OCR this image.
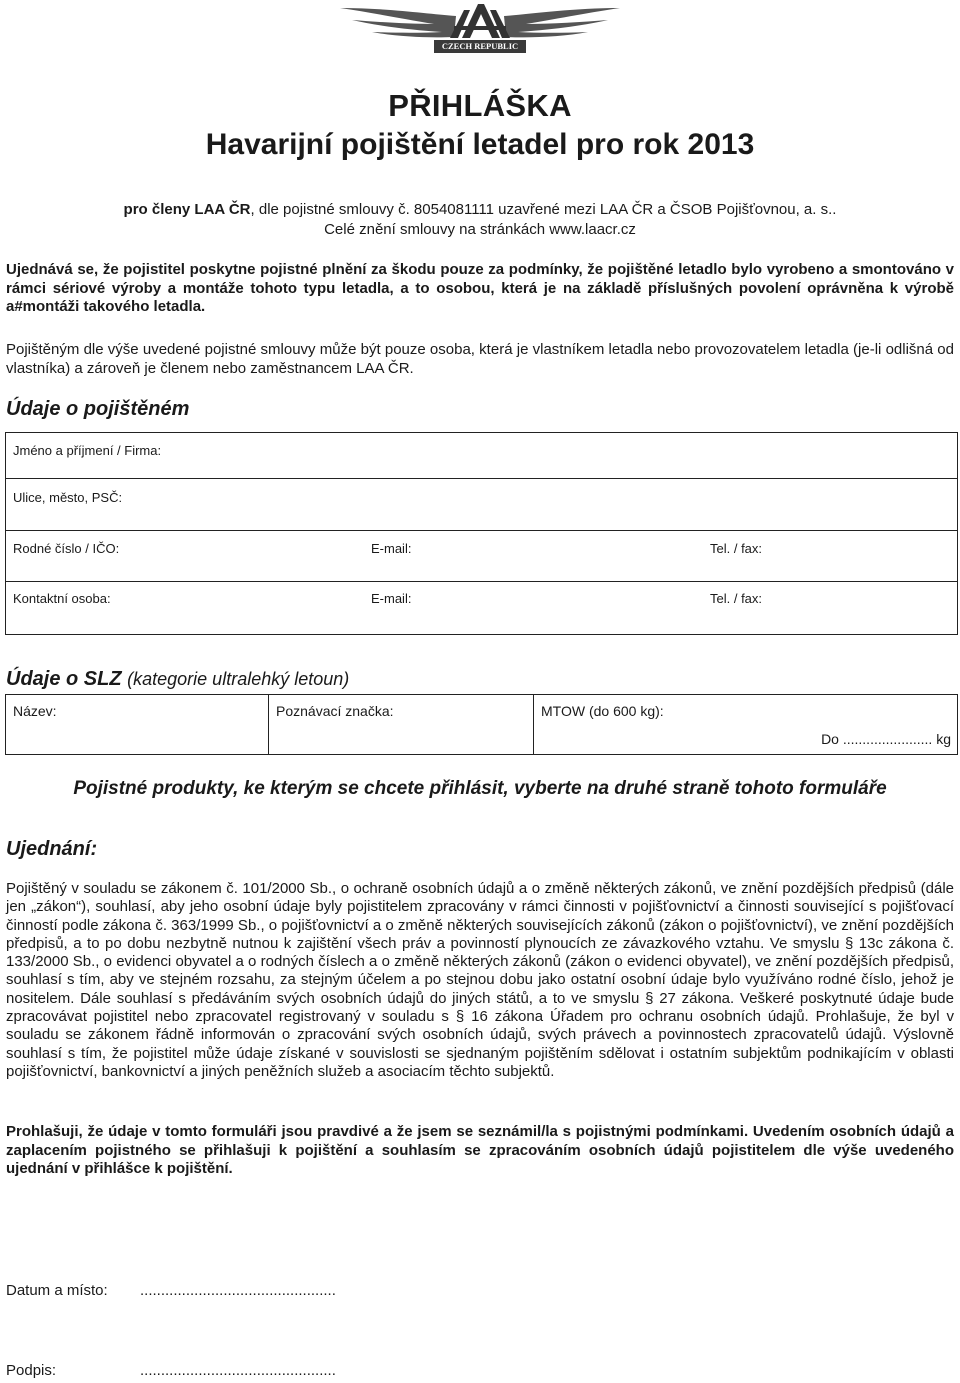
CZECH REPUBLIC
PŘIHLÁŠKA
Havarijní pojištění letadel pro rok 2013
pro členy LAA ČR, dle pojistné smlouvy č. 8054081111 uzavřené mezi LAA ČR a ČSOB Pojišťovnou, a. s..
Celé znění smlouvy na stránkách www.laacr.cz
Ujednává se, že pojistitel poskytne pojistné plnění za škodu pouze za podmínky, že pojištěné letadlo bylo vyrobeno a smontováno v rámci sériové výroby a montáže tohoto typu letadla, a to osobou, která je na základě příslušných povolení oprávněna k výrobě a#montáži takového letadla.
Pojištěným dle výše uvedené pojistné smlouvy může být pouze osoba, která je vlastníkem letadla nebo provozovatelem letadla (je-li odlišná od vlastníka) a zároveň je členem nebo zaměstnancem LAA ČR.
Údaje o pojištěném
Jméno a příjmení / Firma:
Ulice, město, PSČ:
Rodné číslo / IČO:	E-mail:	Tel. / fax:
Kontaktní osoba:	E-mail:	Tel. / fax:
Údaje o SLZ (kategorie ultralehký letoun)
Název:	Poznávací značka:	MTOW (do 600 kg):
Do ....................... kg
Pojistné produkty, ke kterým se chcete přihlásit, vyberte na druhé straně tohoto formuláře
Ujednání:
Pojištěný v souladu se zákonem č. 101/2000 Sb., o ochraně osobních údajů a o změně některých zákonů, ve znění pozdějších předpisů (dále jen „zákon“), souhlasí, aby jeho osobní údaje byly pojistitelem zpracovány v rámci činnosti v pojišťovnictví a činnosti související s pojišťovací činností podle zákona č. 363/1999 Sb., o pojišťovnictví a o změně některých souvisejících zákonů (zákon o pojišťovnictví), ve znění pozdějších předpisů, a to po dobu nezbytně nutnou k zajištění všech práv a povinností plynoucích ze závazkového vztahu. Ve smyslu § 13c zákona č. 133/2000 Sb., o evidenci obyvatel a o rodných číslech a o změně některých zákonů (zákon o evidenci obyvatel), ve znění pozdějších předpisů, souhlasí s tím, aby ve stejném rozsahu, za stejným účelem a po stejnou dobu jako ostatní osobní údaje bylo využíváno rodné číslo, jehož je nositelem. Dále souhlasí s předáváním svých osobních údajů do jiných států, a to ve smyslu § 27 zákona. Veškeré poskytnuté údaje bude zpracovávat pojistitel nebo zpracovatel registrovaný v souladu s § 16 zákona Úřadem pro ochranu osobních údajů. Prohlašuje, že byl v souladu se zákonem řádně informován o zpracování svých osobních údajů, svých právech a povinnostech zpracovatelů údajů. Výslovně souhlasí s tím, že pojistitel může údaje získané v souvislosti se sjednaným pojištěním sdělovat i ostatním subjektům podnikajícím v oblasti pojišťovnictví, bankovnictví a jiných peněžních služeb a asociacím těchto subjektů.
Prohlašuji, že údaje v tomto formuláři jsou pravdivé a že jsem se seznámil/la s pojistnými podmínkami. Uvedením osobních údajů a zaplacením pojistného se přihlašuji k pojištění a souhlasím se zpracováním osobních údajů pojistitelem dle výše uvedeného ujednání v přihlášce k pojištění.
Datum a místo: ...............................................
Podpis:	...............................................
